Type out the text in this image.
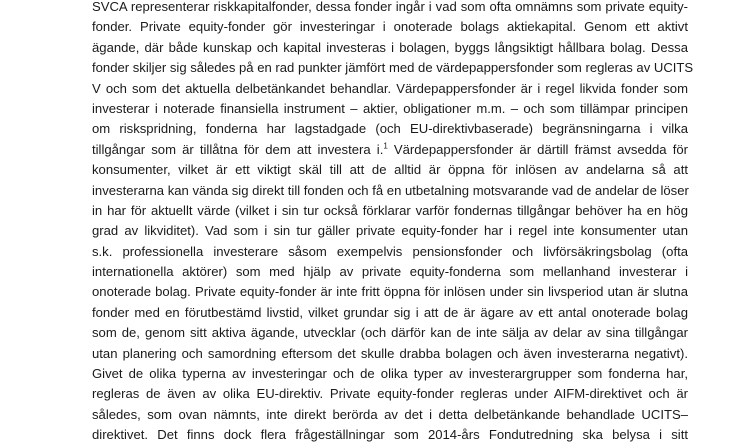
SVCA representerar riskkapitalfonder, dessa fonder ingår i vad som ofta omnämns som private equity-
fonder. Private equity-fonder gör investeringar i onoterade bolags aktiekapital. Genom ett aktivt
ägande, där både kunskap och kapital investeras i bolagen, byggs långsiktigt hållbara bolag. Dessa
fonder skiljer sig således på en rad punkter jämfört med de värdepappersfonder som regleras av UCITS
V och som det aktuella delbetänkandet behandlar. Värdepappersfonder är i regel likvida fonder som
investerar i noterade finansiella instrument – aktier, obligationer m.m. – och som tillämpar principen
om riskspridning, fonderna har lagstadgade (och EU-direktivbaserade) begränsningarna i vilka
tillgångar som är tillåtna för dem att investera i.$^1$ Värdepappersfonder är därtill främst avsedda för
konsumenter, vilket är ett viktigt skäl till att de alltid är öppna för inlösen av andelarna så att
investerarna kan vända sig direkt till fonden och få en utbetalning motsvarande vad de andelar de löser
in har för aktuellt värde (vilket i sin tur också förklarar varför fondernas tillgångar behöver ha en hög
grad av likviditet). Vad som i sin tur gäller private equity-fonder har i regel inte konsumenter utan
s.k. professionella investerare såsom exempelvis pensionsfonder och livförsäkringsbolag (ofta
internationella aktörer) som med hjälp av private equity-fonderna som mellanhand investerar i
onoterade bolag. Private equity-fonder är inte fritt öppna för inlösen under sin livsperiod utan är slutna
fonder med en förutbestämd livstid, vilket grundar sig i att de är ägare av ett antal onoterade bolag
som de, genom sitt aktiva ägande, utvecklar (och därför kan de inte sälja av delar av sina tillgångar
utan planering och samordning eftersom det skulle drabba bolagen och även investerarna negativt).
Givet de olika typerna av investeringar och de olika typer av investerargrupper som fonderna har,
regleras de även av olika EU-direktiv. Private equity-fonder regleras under AIFM-direktivet och är
således, som ovan nämnts, inte direkt berörda av det i detta delbetänkande behandlade UCITS–
direktivet. Det finns dock flera frågeställningar som 2014-års Fondutredning ska belysa i sitt
